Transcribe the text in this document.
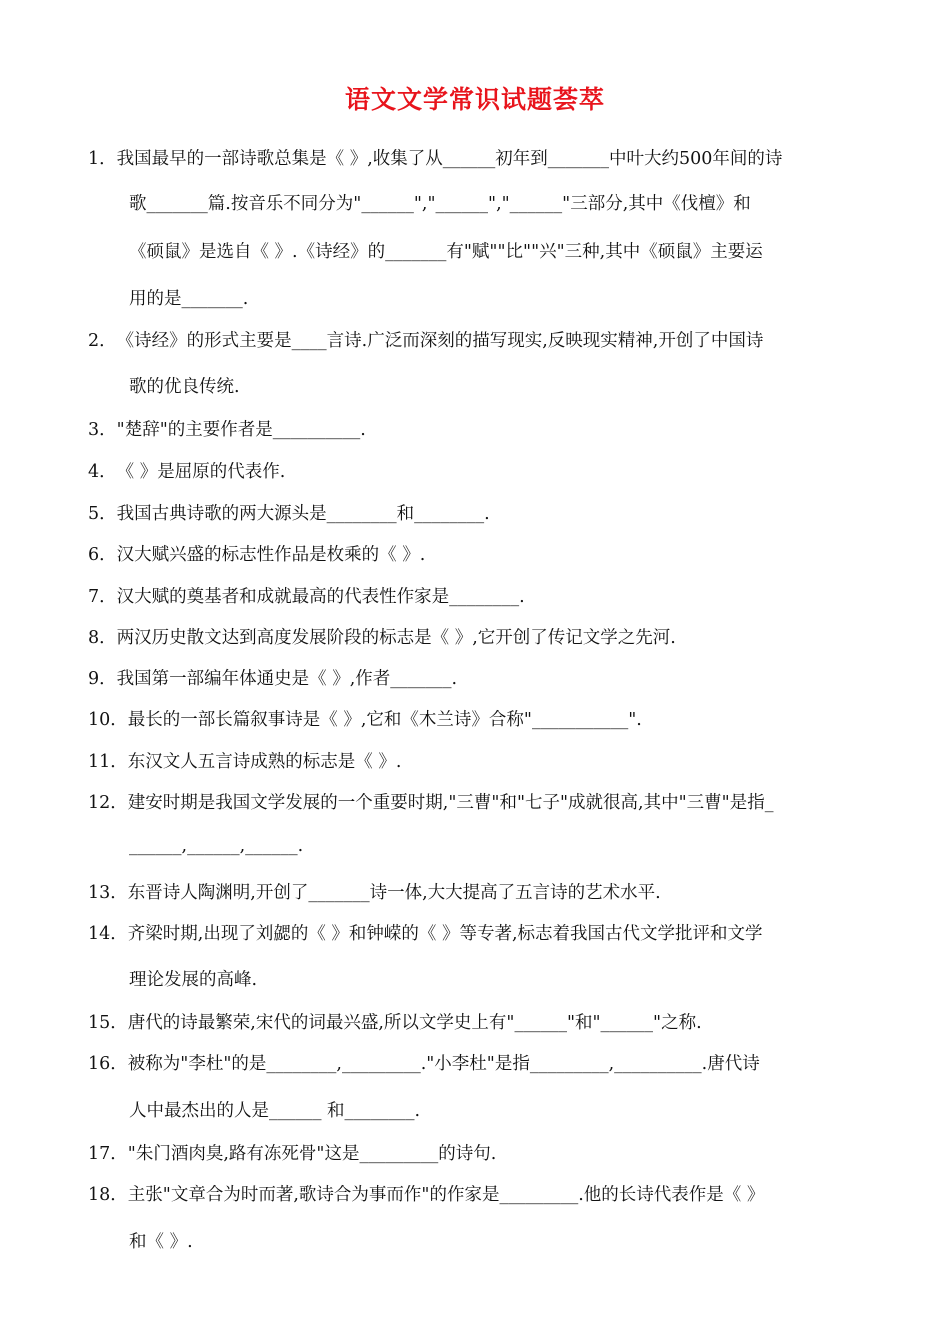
语文文学常识试题荟萃
1．我国最早的一部诗歌总集是《 》,收集了从______初年到_______中叶大约500年间的诗
歌_______篇.按音乐不同分为"______","______","______"三部分,其中《伐檀》和
《硕鼠》是选自《 》.《诗经》的_______有"赋""比""兴"三种,其中《硕鼠》主要运
用的是_______.
2．《诗经》的形式主要是____言诗.广泛而深刻的描写现实,反映现实精神,开创了中国诗
歌的优良传统.
3．"楚辞"的主要作者是__________.
4．《 》是屈原的代表作.
5．我国古典诗歌的两大源头是________和________.
6．汉大赋兴盛的标志性作品是枚乘的《 》.
7．汉大赋的奠基者和成就最高的代表性作家是________.
8．两汉历史散文达到高度发展阶段的标志是《 》,它开创了传记文学之先河.
9．我国第一部编年体通史是《 》,作者_______.
10．最长的一部长篇叙事诗是《 》,它和《木兰诗》合称"___________".
11．东汉文人五言诗成熟的标志是《 》.
12．建安时期是我国文学发展的一个重要时期,"三曹"和"七子"成就很高,其中"三曹"是指_
______,______,______.
13．东晋诗人陶渊明,开创了_______诗一体,大大提高了五言诗的艺术水平.
14．齐梁时期,出现了刘勰的《 》和钟嵘的《 》等专著,标志着我国古代文学批评和文学
理论发展的高峰.
15．唐代的诗最繁荣,宋代的词最兴盛,所以文学史上有"______"和"______"之称.
16．被称为"李杜"的是________,_________."小李杜"是指_________,__________.唐代诗
人中最杰出的人是______ 和________.
17．"朱门酒肉臭,路有冻死骨"这是_________的诗句.
18．主张"文章合为时而著,歌诗合为事而作"的作家是_________.他的长诗代表作是《 》
和《 》.
